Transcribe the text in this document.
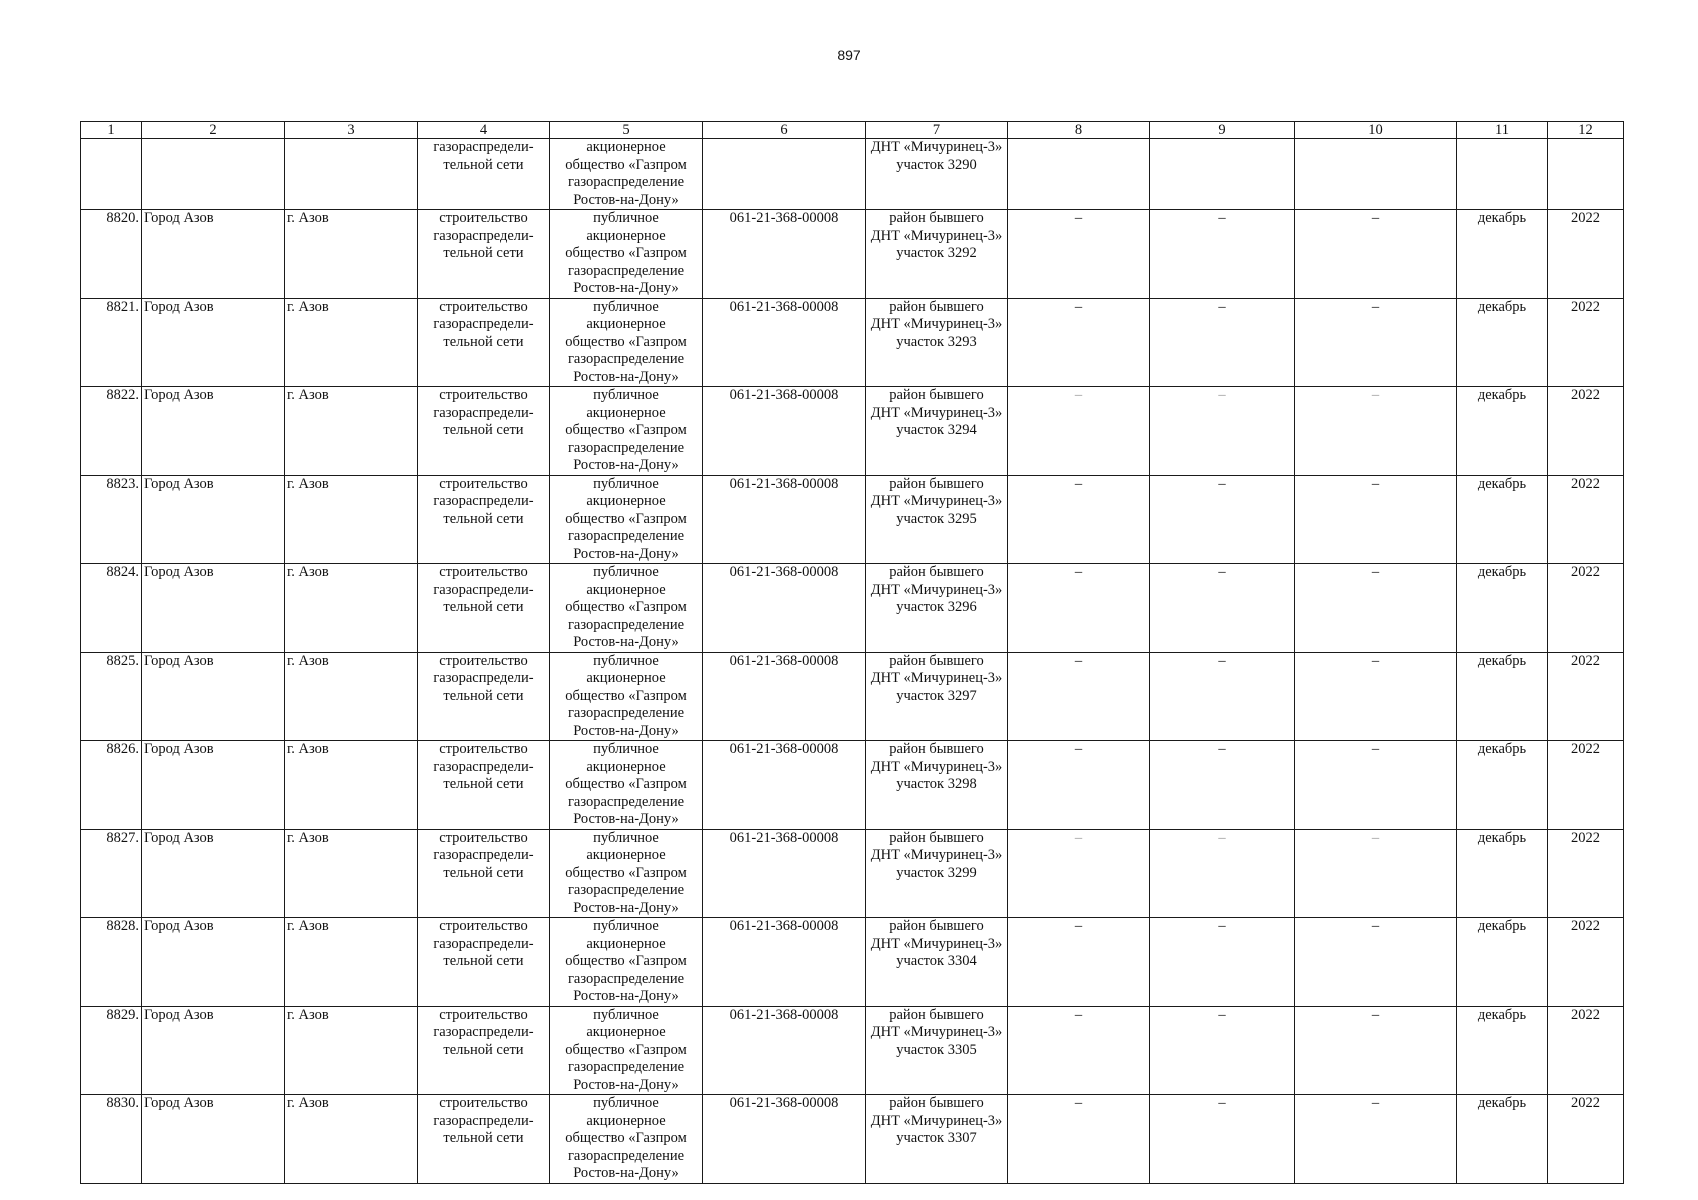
897
1	2	3	4	5	6	7	8	9	10	11	12
			газораспредели-
тельной сети	акционерное
общество «Газпром
газораспределение
Ростов-на-Дону»		ДНТ «Мичуринец-3»
участок 3290					
8820.	Город Азов	г. Азов	строительство
газораспредели-
тельной сети	публичное
акционерное
общество «Газпром
газораспределение
Ростов-на-Дону»	061-21-368-00008	район бывшего
ДНТ «Мичуринец-3»
участок 3292	–	–	–	декабрь	2022
8821.	Город Азов	г. Азов	строительство
газораспредели-
тельной сети	публичное
акционерное
общество «Газпром
газораспределение
Ростов-на-Дону»	061-21-368-00008	район бывшего
ДНТ «Мичуринец-3»
участок 3293	–	–	–	декабрь	2022
8822.	Город Азов	г. Азов	строительство
газораспредели-
тельной сети	публичное
акционерное
общество «Газпром
газораспределение
Ростов-на-Дону»	061-21-368-00008	район бывшего
ДНТ «Мичуринец-3»
участок 3294	–	–	–	декабрь	2022
8823.	Город Азов	г. Азов	строительство
газораспредели-
тельной сети	публичное
акционерное
общество «Газпром
газораспределение
Ростов-на-Дону»	061-21-368-00008	район бывшего
ДНТ «Мичуринец-3»
участок 3295	–	–	–	декабрь	2022
8824.	Город Азов	г. Азов	строительство
газораспредели-
тельной сети	публичное
акционерное
общество «Газпром
газораспределение
Ростов-на-Дону»	061-21-368-00008	район бывшего
ДНТ «Мичуринец-3»
участок 3296	–	–	–	декабрь	2022
8825.	Город Азов	г. Азов	строительство
газораспредели-
тельной сети	публичное
акционерное
общество «Газпром
газораспределение
Ростов-на-Дону»	061-21-368-00008	район бывшего
ДНТ «Мичуринец-3»
участок 3297	–	–	–	декабрь	2022
8826.	Город Азов	г. Азов	строительство
газораспредели-
тельной сети	публичное
акционерное
общество «Газпром
газораспределение
Ростов-на-Дону»	061-21-368-00008	район бывшего
ДНТ «Мичуринец-3»
участок 3298	–	–	–	декабрь	2022
8827.	Город Азов	г. Азов	строительство
газораспредели-
тельной сети	публичное
акционерное
общество «Газпром
газораспределение
Ростов-на-Дону»	061-21-368-00008	район бывшего
ДНТ «Мичуринец-3»
участок 3299	–	–	–	декабрь	2022
8828.	Город Азов	г. Азов	строительство
газораспредели-
тельной сети	публичное
акционерное
общество «Газпром
газораспределение
Ростов-на-Дону»	061-21-368-00008	район бывшего
ДНТ «Мичуринец-3»
участок 3304	–	–	–	декабрь	2022
8829.	Город Азов	г. Азов	строительство
газораспредели-
тельной сети	публичное
акционерное
общество «Газпром
газораспределение
Ростов-на-Дону»	061-21-368-00008	район бывшего
ДНТ «Мичуринец-3»
участок 3305	–	–	–	декабрь	2022
8830.	Город Азов	г. Азов	строительство
газораспредели-
тельной сети	публичное
акционерное
общество «Газпром
газораспределение
Ростов-на-Дону»	061-21-368-00008	район бывшего
ДНТ «Мичуринец-3»
участок 3307	–	–	–	декабрь	2022
